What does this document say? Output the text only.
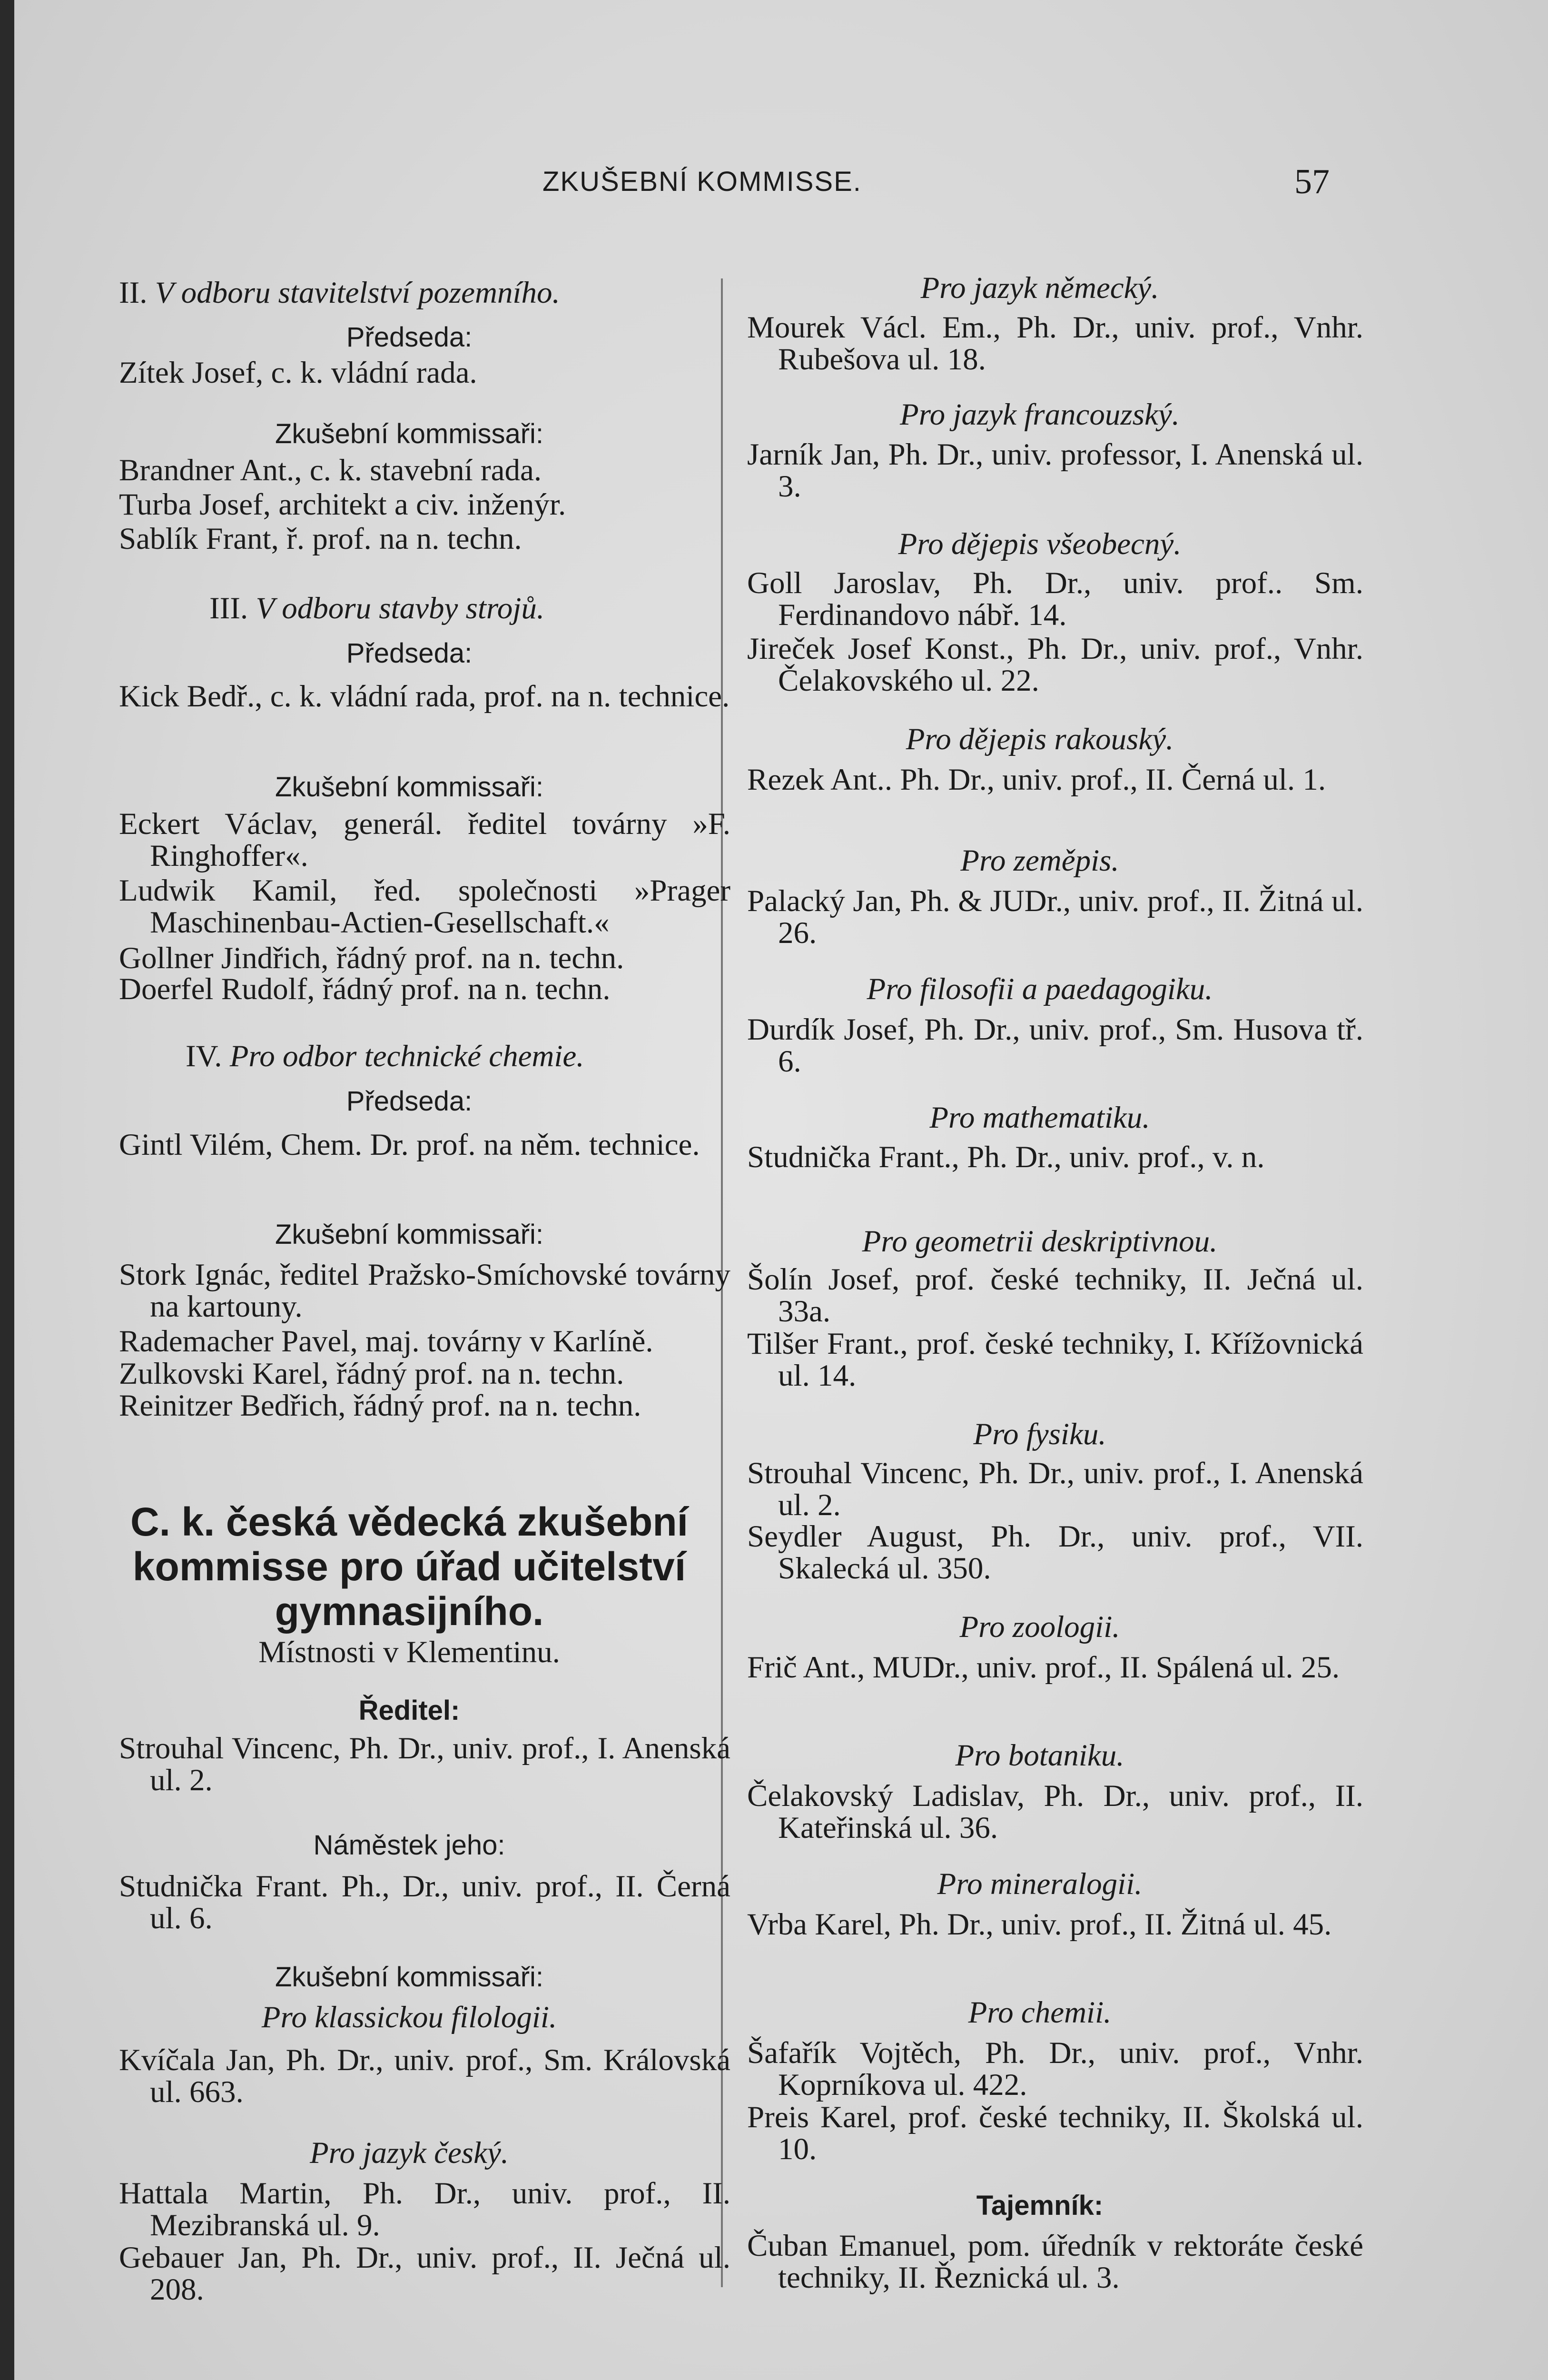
ZKUŠEBNÍ KOMMISSE.	57
II. V odboru stavitelství pozemního.
Předseda:
Zítek Josef, c. k. vládní rada.
Zkušební kommissaři:
Brandner Ant., c. k. stavební rada.
Turba Josef, architekt a civ. inženýr.
Sablík Frant, ř. prof. na n. techn.
III. V odboru stavby strojů.
Předseda:
Kick Bedř., c. k. vládní rada, prof. na n. technice.
Zkušební kommissaři:
Eckert Václav, generál. ředitel továrny »F. Ringhoffer«.
Ludwik Kamil, řed. společnosti »Prager Maschinenbau-Actien-Gesellschaft.«
Gollner Jindřich, řádný prof. na n. techn.
Doerfel Rudolf, řádný prof. na n. techn.
IV. Pro odbor technické chemie.
Předseda:
Gintl Vilém, Chem. Dr. prof. na něm. technice.
Zkušební kommissaři:
Stork Ignác, ředitel Pražsko-Smíchovské továrny na kartouny.
Rademacher Pavel, maj. továrny v Karlíně.
Zulkovski Karel, řádný prof. na n. techn.
Reinitzer Bedřich, řádný prof. na n. techn.
C. k. česká vědecká zkušební kommisse pro úřad učitelství gymnasijního.
Místnosti v Klementinu.
Ředitel:
Strouhal Vincenc, Ph. Dr., univ. prof., I. Anenská ul. 2.
Náměstek jeho:
Studnička Frant. Ph., Dr., univ. prof., II. Černá ul. 6.
Zkušební kommissaři:
Pro klassickou filologii.
Kvíčala Jan, Ph. Dr., univ. prof., Sm. Královská ul. 663.
Pro jazyk český.
Hattala Martin, Ph. Dr., univ. prof., II. Mezibranská ul. 9.
Gebauer Jan, Ph. Dr., univ. prof., II. Ječná ul. 208.
Pro jazyk německý.
Mourek Václ. Em., Ph. Dr., univ. prof., Vnhr. Rubešova ul. 18.
Pro jazyk francouzský.
Jarník Jan, Ph. Dr., univ. professor, I. Anenská ul. 3.
Pro dějepis všeobecný.
Goll Jaroslav, Ph. Dr., univ. prof.. Sm. Ferdinandovo nábř. 14.
Jireček Josef Konst., Ph. Dr., univ. prof., Vnhr. Čelakovského ul. 22.
Pro dějepis rakouský.
Rezek Ant.. Ph. Dr., univ. prof., II. Černá ul. 1.
Pro zeměpis.
Palacký Jan, Ph. & JUDr., univ. prof., II. Žitná ul. 26.
Pro filosofii a paedagogiku.
Durdík Josef, Ph. Dr., univ. prof., Sm. Husova tř. 6.
Pro mathematiku.
Studnička Frant., Ph. Dr., univ. prof., v. n.
Pro geometrii deskriptivnou.
Šolín Josef, prof. české techniky, II. Ječná ul. 33a.
Tilšer Frant., prof. české techniky, I. Křížovnická ul. 14.
Pro fysiku.
Strouhal Vincenc, Ph. Dr., univ. prof., I. Anenská ul. 2.
Seydler August, Ph. Dr., univ. prof., VII. Skalecká ul. 350.
Pro zoologii.
Frič Ant., MUDr., univ. prof., II. Spálená ul. 25.
Pro botaniku.
Čelakovský Ladislav, Ph. Dr., univ. prof., II. Kateřinská ul. 36.
Pro mineralogii.
Vrba Karel, Ph. Dr., univ. prof., II. Žitná ul. 45.
Pro chemii.
Šafařík Vojtěch, Ph. Dr., univ. prof., Vnhr. Koprníkova ul. 422.
Preis Karel, prof. české techniky, II. Školská ul. 10.
Tajemník:
Čuban Emanuel, pom. úředník v rektoráte české techniky, II. Řeznická ul. 3.
